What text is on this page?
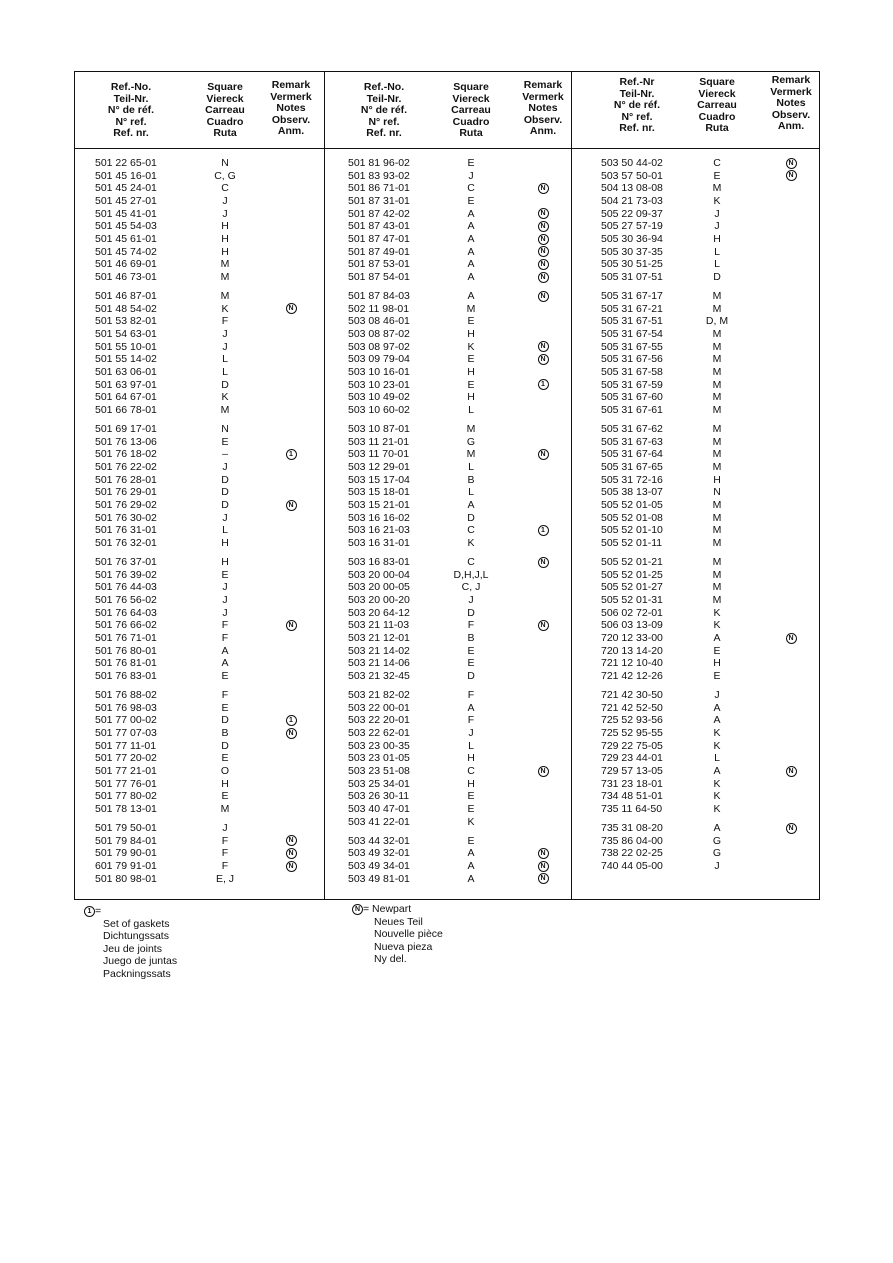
Ref.-No.
Teil-Nr.
N° de réf.
N° ref.
Ref. nr.
Square
Viereck
Carreau
Cuadro
Ruta
Remark
Vermerk
Notes
Observ.
Anm.
Ref.-No.
Teil-Nr.
N° de réf.
N° ref.
Ref. nr.
Square
Viereck
Carreau
Cuadro
Ruta
Remark
Vermerk
Notes
Observ.
Anm.
Ref.-Nr
Teil-Nr.
N° de réf.
N° ref.
Ref. nr.
Square
Viereck
Carreau
Cuadro
Ruta
Remark
Vermerk
Notes
Observ.
Anm.
501 22 65-01	N
501 45 16-01	C, G
501 45 24-01	C
501 45 27-01	J
501 45 41-01	J
501 45 54-03	H
501 45 61-01	H
501 45 74-02	H
501 46 69-01	M
501 46 73-01	M
501 46 87-01	M
501 48 54-02	K	N
501 53 82-01	F
501 54 63-01	J
501 55 10-01	J
501 55 14-02	L
501 63 06-01	L
501 63 97-01	D
501 64 67-01	K
501 66 78-01	M
501 69 17-01	N
501 76 13-06	E
501 76 18-02	–	1
501 76 22-02	J
501 76 28-01	D
501 76 29-01	D
501 76 29-02	D	N
501 76 30-02	J
501 76 31-01	L
501 76 32-01	H
501 76 37-01	H
501 76 39-02	E
501 76 44-03	J
501 76 56-02	J
501 76 64-03	J
501 76 66-02	F	N
501 76 71-01	F
501 76 80-01	A
501 76 81-01	A
501 76 83-01	E
501 76 88-02	F
501 76 98-03	E
501 77 00-02	D	1
501 77 07-03	B	N
501 77 11-01	D
501 77 20-02	E
501 77 21-01	O
501 77 76-01	H
501 77 80-02	E
501 78 13-01	M
501 79 50-01	J
501 79 84-01	F	N
501 79 90-01	F	N
601 79 91-01	F	N
501 80 98-01	E, J
501 81 96-02	E
501 83 93-02	J
501 86 71-01	C	N
501 87 31-01	E
501 87 42-02	A	N
501 87 43-01	A	N
501 87 47-01	A	N
501 87 49-01	A	N
501 87 53-01	A	N
501 87 54-01	A	N
501 87 84-03	A	N
502 11 98-01	M
503 08 46-01	E
503 08 87-02	H
503 08 97-02	K	N
503 09 79-04	E	N
503 10 16-01	H
503 10 23-01	E	1
503 10 49-02	H
503 10 60-02	L
503 10 87-01	M
503 11 21-01	G
503 11 70-01	M	N
503 12 29-01	L
503 15 17-04	B
503 15 18-01	L
503 15 21-01	A
503 16 16-02	D
503 16 21-03	C	1
503 16 31-01	K
503 16 83-01	C	N
503 20 00-04	D,H,J,L
503 20 00-05	C, J
503 20 00-20	J
503 20 64-12	D
503 21 11-03	F	N
503 21 12-01	B
503 21 14-02	E
503 21 14-06	E
503 21 32-45	D
503 21 82-02	F
503 22 00-01	A
503 22 20-01	F
503 22 62-01	J
503 23 00-35	L
503 23 01-05	H
503 23 51-08	C	N
503 25 34-01	H
503 26 30-11	E
503 40 47-01	E
503 41 22-01	K
503 44 32-01	E
503 49 32-01	A	N
503 49 34-01	A	N
503 49 81-01	A	N
503 50 44-02	C	N
503 57 50-01	E	N
504 13 08-08	M
504 21 73-03	K
505 22 09-37	J
505 27 57-19	J
505 30 36-94	H
505 30 37-35	L
505 30 51-25	L
505 31 07-51	D
505 31 67-17	M
505 31 67-21	M
505 31 67-51	D, M
505 31 67-54	M
505 31 67-55	M
505 31 67-56	M
505 31 67-58	M
505 31 67-59	M
505 31 67-60	M
505 31 67-61	M
505 31 67-62	M
505 31 67-63	M
505 31 67-64	M
505 31 67-65	M
505 31 72-16	H
505 38 13-07	N
505 52 01-05	M
505 52 01-08	M
505 52 01-10	M
505 52 01-11	M
505 52 01-21	M
505 52 01-25	M
505 52 01-27	M
505 52 01-31	M
506 02 72-01	K
506 03 13-09	K
720 12 33-00	A	N
720 13 14-20	E
721 12 10-40	H
721 42 12-26	E
721 42 30-50	J
721 42 52-50	A
725 52 93-56	A
725 52 95-55	K
729 22 75-05	K
729 23 44-01	L
729 57 13-05	A	N
731 23 18-01	K
734 48 51-01	K
735 11 64-50	K
735 31 08-20	A	N
735 86 04-00	G
738 22 02-25	G
740 44 05-00	J
1 =
Set of gaskets
Dichtungssats
Jeu de joints
Juego de juntas
Packningssats
N = Newpart
Neues Teil
Nouvelle pièce
Nueva pieza
Ny del.
